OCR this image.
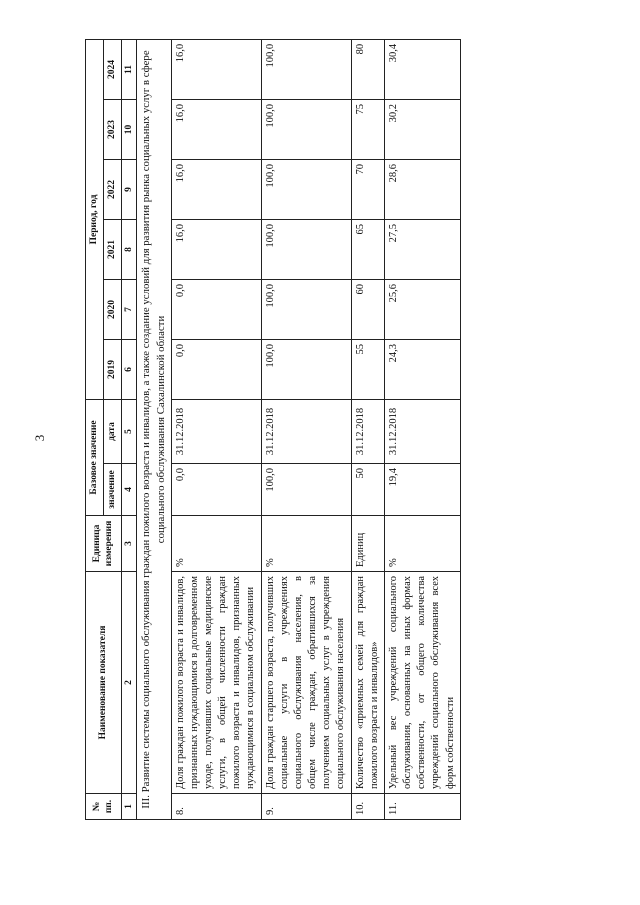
3
№ пп.	Наименование показателя	Единица измерения	Базовое значение		Период, год					
			значение	дата	2019	2020	2021	2022	2023	2024
1	2	3	4	5	6	7	8	9	10	11
III. Развитие системы социального обслуживания граждан пожилого возраста и инвалидов, а также создание условий для развития рынка социальных услуг в сфере социального обслуживания Сахалинской области										
8.	Доля граждан пожилого возраста и инвалидов, признанных нуждающимися в долговременном уходе, получивших социальные медицинские услуги, в общей численности граждан пожилого возраста и инвалидов, признанных нуждающимися в социальном обслуживании	%	0,0	31.12.2018	0,0	0,0	16,0	16,0	16,0	16,0
9.	Доля граждан старшего возраста, получивших социальные услуги в учреждениях социального обслуживания населения, в общем числе граждан, обратившихся за получением социальных услуг в учреждения социального обслуживания населения	%	100,0	31.12.2018	100,0	100,0	100,0	100,0	100,0	100,0
10.	Количество «приемных семей для граждан пожилого возраста и инвалидов»	Единиц	50	31.12.2018	55	60	65	70	75	80
11.	Удельный вес учреждений социального обслуживания, основанных на иных формах собственности, от общего количества учреждений социального обслуживания всех форм собственности	%	19,4	31.12.2018	24,3	25,6	27,5	28,6	30,2	30,4
